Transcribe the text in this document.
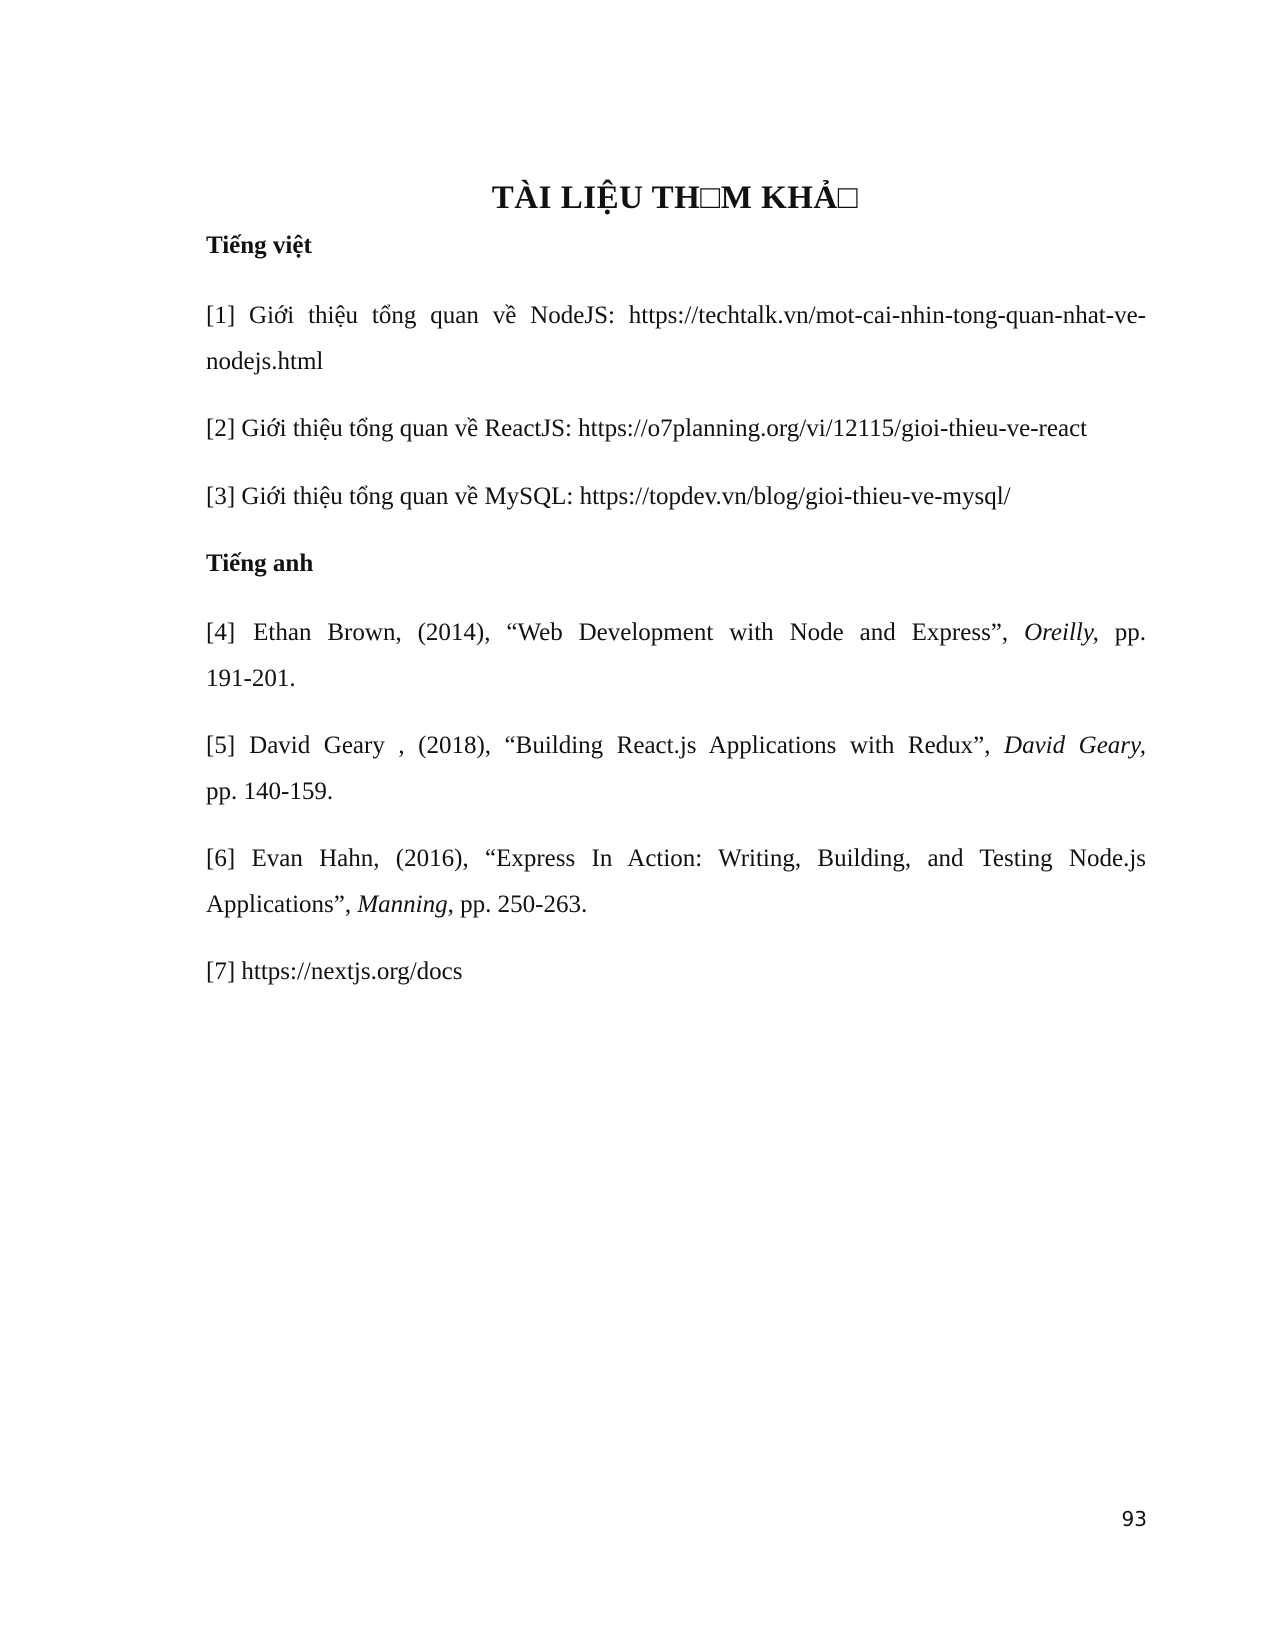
TÀI LIỆU TH□M KHẢ□
Tiếng việt
[1] Giới thiệu tổng quan về NodeJS: https://techtalk.vn/mot-cai-nhin-tong-quan-nhat-ve-
nodejs.html
[2] Giới thiệu tổng quan về ReactJS: https://o7planning.org/vi/12115/gioi-thieu-ve-react
[3] Giới thiệu tổng quan về MySQL: https://topdev.vn/blog/gioi-thieu-ve-mysql/
Tiếng anh
[4] Ethan Brown, (2014), “Web Development with Node and Express”, Oreilly, pp.
191-201.
[5] David Geary , (2018), “Building React.js Applications with Redux”, David Geary,
pp. 140-159.
[6] Evan Hahn, (2016), “Express In Action: Writing, Building, and Testing Node.js
Applications”, Manning, pp. 250-263.
[7] https://nextjs.org/docs
93
